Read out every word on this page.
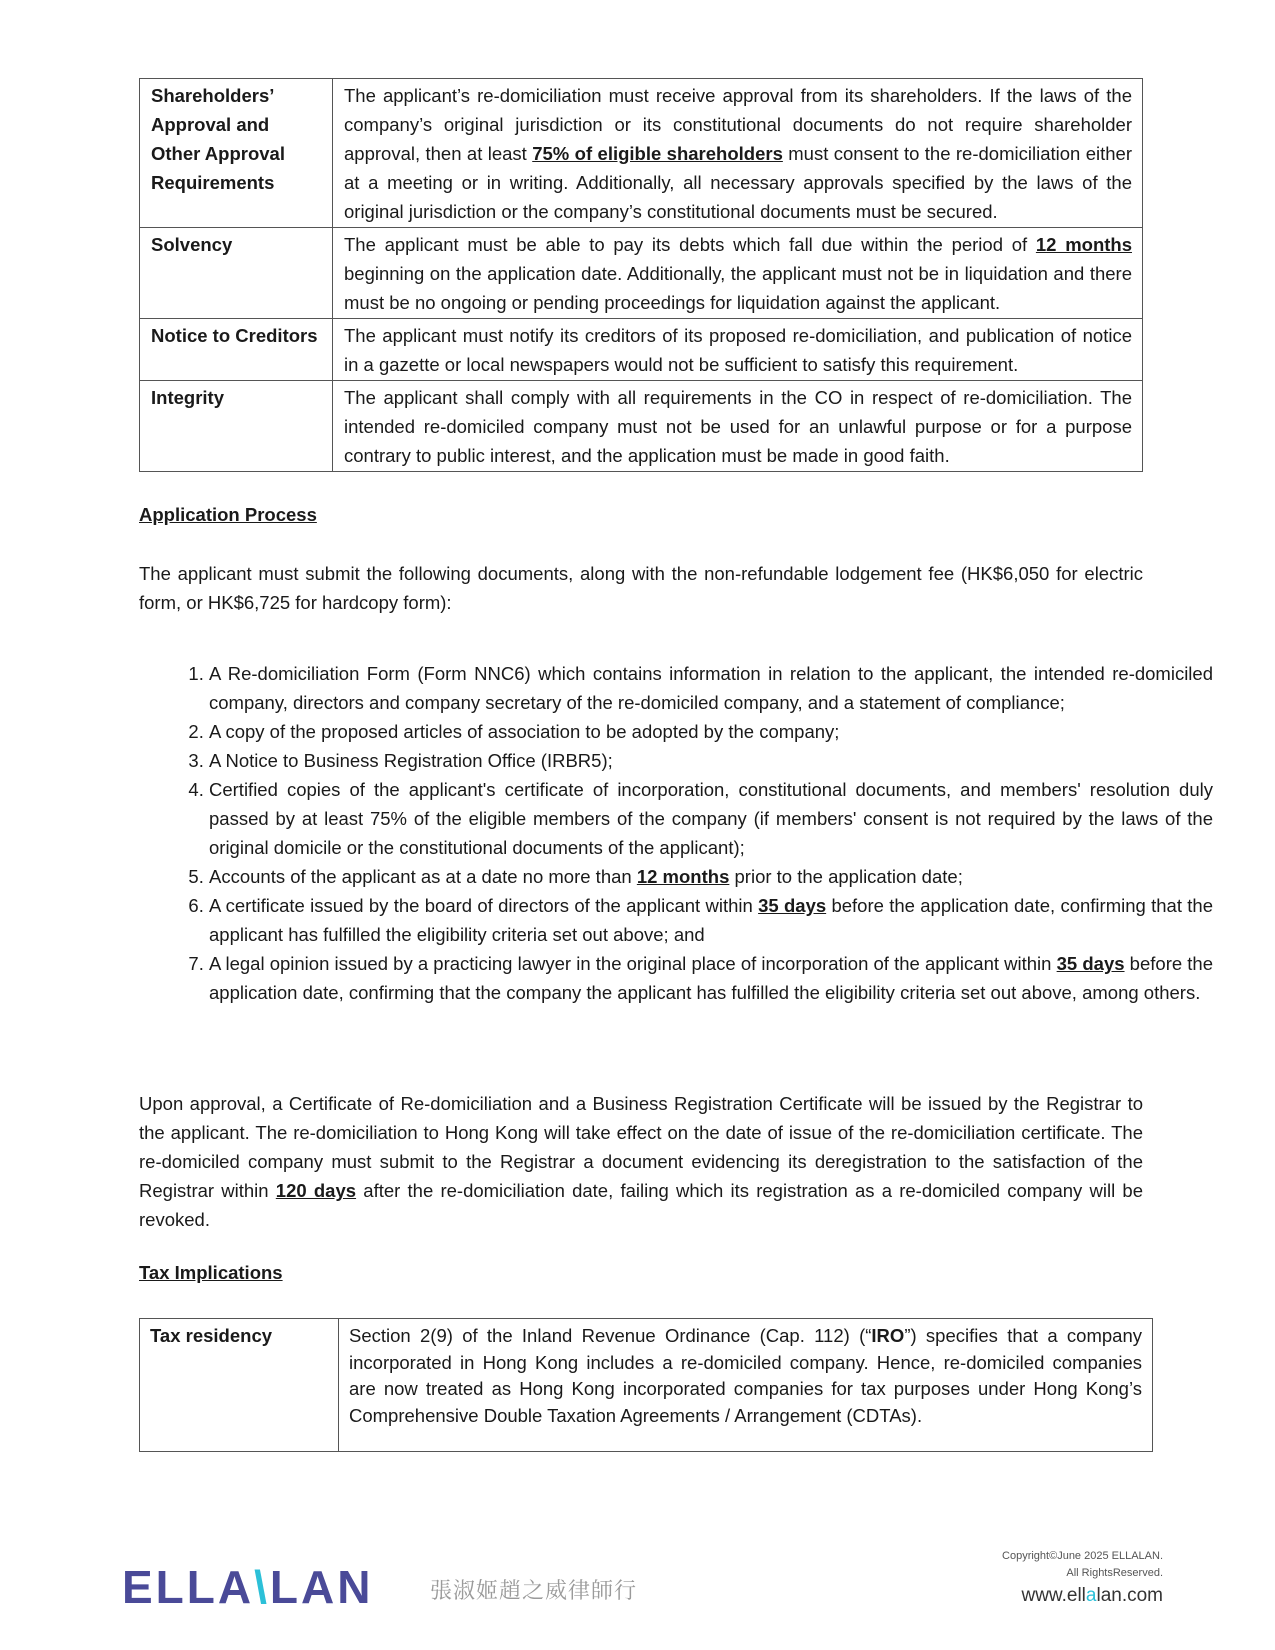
Shareholders’ Approval and Other Approval Requirements	The applicant’s re-domiciliation must receive approval from its shareholders. If the laws of the company’s original jurisdiction or its constitutional documents do not require shareholder approval, then at least 75% of eligible shareholders must consent to the re-domiciliation either at a meeting or in writing. Additionally, all necessary approvals specified by the laws of the original jurisdiction or the company’s constitutional documents must be secured.
Solvency	The applicant must be able to pay its debts which fall due within the period of 12 months beginning on the application date. Additionally, the applicant must not be in liquidation and there must be no ongoing or pending proceedings for liquidation against the applicant.
Notice to Creditors	The applicant must notify its creditors of its proposed re-domiciliation, and publication of notice in a gazette or local newspapers would not be sufficient to satisfy this requirement.
Integrity	The applicant shall comply with all requirements in the CO in respect of re-domiciliation. The intended re-domiciled company must not be used for an unlawful purpose or for a purpose contrary to public interest, and the application must be made in good faith.
Application Process
The applicant must submit the following documents, along with the non-refundable lodgement fee (HK$6,050 for electric form, or HK$6,725 for hardcopy form):
1. A Re-domiciliation Form (Form NNC6) which contains information in relation to the applicant, the intended re-domiciled company, directors and company secretary of the re-domiciled company, and a statement of compliance;
2. A copy of the proposed articles of association to be adopted by the company;
3. A Notice to Business Registration Office (IRBR5);
4. Certified copies of the applicant's certificate of incorporation, constitutional documents, and members' resolution duly passed by at least 75% of the eligible members of the company (if members' consent is not required by the laws of the original domicile or the constitutional documents of the applicant);
5. Accounts of the applicant as at a date no more than 12 months prior to the application date;
6. A certificate issued by the board of directors of the applicant within 35 days before the application date, confirming that the applicant has fulfilled the eligibility criteria set out above; and
7. A legal opinion issued by a practicing lawyer in the original place of incorporation of the applicant within 35 days before the application date, confirming that the company the applicant has fulfilled the eligibility criteria set out above, among others.
Upon approval, a Certificate of Re-domiciliation and a Business Registration Certificate will be issued by the Registrar to the applicant. The re-domiciliation to Hong Kong will take effect on the date of issue of the re-domiciliation certificate. The re-domiciled company must submit to the Registrar a document evidencing its deregistration to the satisfaction of the Registrar within 120 days after the re-domiciliation date, failing which its registration as a re-domiciled company will be revoked.
Tax Implications
Tax residency	Section 2(9) of the Inland Revenue Ordinance (Cap. 112) (“IRO”) specifies that a company incorporated in Hong Kong includes a re-domiciled company. Hence, re-domiciled companies are now treated as Hong Kong incorporated companies for tax purposes under Hong Kong’s Comprehensive Double Taxation Agreements / Arrangement (CDTAs).
ELLA\LAN	張淑姬趙之威律師行
Copyright©June 2025 ELLALAN.
All RightsReserved.
www.ellalan.com
